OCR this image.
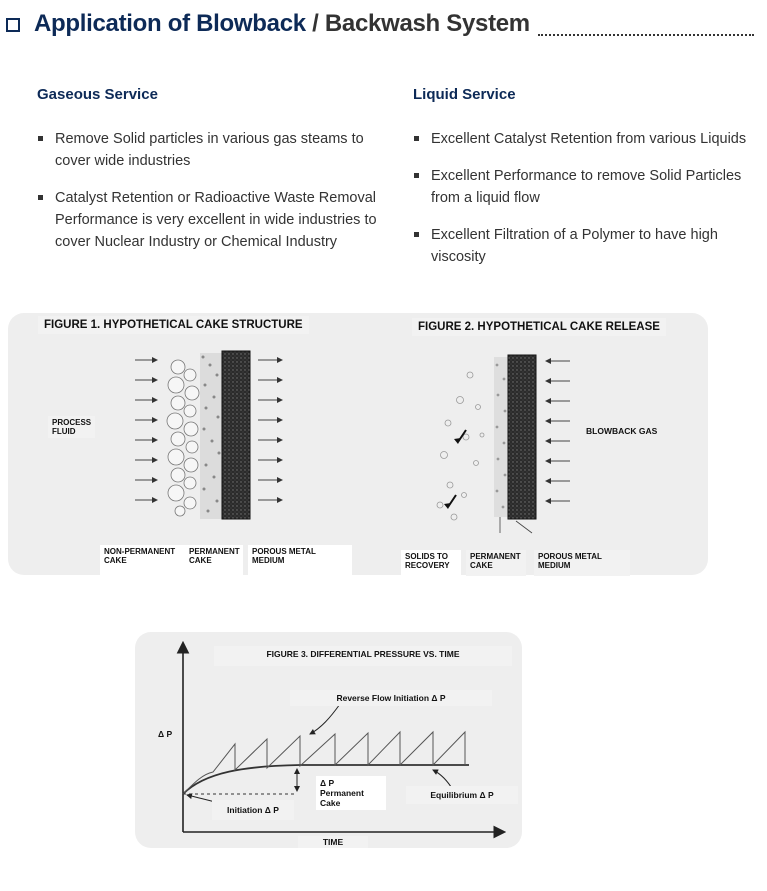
Application of Blowback / Backwash System
Gaseous Service
Remove Solid particles in various gas steams to cover wide industries
Catalyst Retention or Radioactive Waste Removal Performance is very excellent in wide industries to cover Nuclear Industry or Chemical Industry
Liquid Service
Excellent Catalyst Retention from various Liquids
Excellent Performance to remove Solid Particles from a liquid flow
Excellent Filtration of a Polymer to have high viscosity
FIGURE 1. HYPOTHETICAL CAKE STRUCTURE
PROCESS
FLUID
NON-PERMANENT
CAKE
PERMANENT
CAKE
POROUS METAL
MEDIUM
FIGURE 2. HYPOTHETICAL CAKE RELEASE
BLOWBACK GAS
SOLIDS TO
RECOVERY
PERMANENT
CAKE
POROUS METAL
MEDIUM
FIGURE 3. DIFFERENTIAL PRESSURE VS. TIME
Δ P
TIME
Reverse Flow Initiation Δ P
Δ P
Permanent
Cake
Equilibrium Δ P
Initiation Δ P
